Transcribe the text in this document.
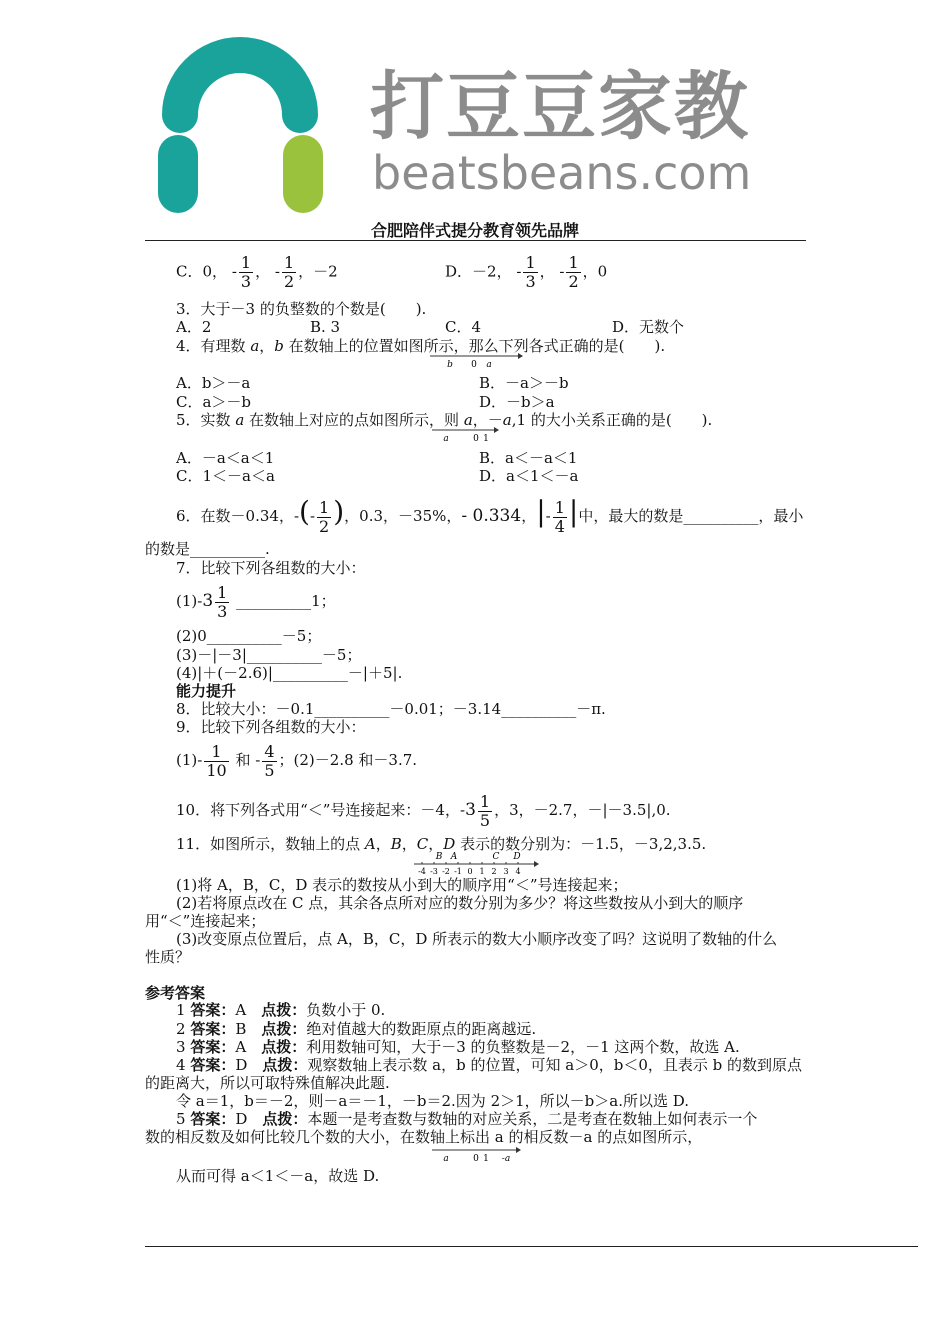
打豆豆家教
beatsbeans.com
合肥陪伴式提分教育领先品牌
C．0， - $\frac{1}{3}$ ， - $\frac{1}{2}$ ，－2	D．－2， - $\frac{1}{3}$ ， - $\frac{1}{2}$ ，0
3．大于－3 的负整数的个数是(　　).
A．2	B. 3	C．4	D．无数个
4．有理数 a，b 在数轴上的位置如图所示，那么下列各式正确的是(　　).
b 0 a
A．b＞－a	B．－a＞－b
C．a＞－b	D．－b＞a
5．实数 a 在数轴上对应的点如图所示，则 a，－a,1 的大小关系正确的是(　　).
a	0 1
A．－a＜a＜1	B．a＜－a＜1
C．1＜－a＜a	D．a＜1＜－a
6．在数－0.34，-(- $\frac{1}{2}$ )，0.3，－35%，- 0.334，|- $\frac{1}{4}$ |中，最大的数是__________，最小
的数是__________.
7．比较下列各组数的大小：
$(1)-3 \frac{1}{3}$ __________1；
(2)0__________－5；
(3)－|－3|__________－5；
(4)|＋(－2.6)|__________－|＋5|.
能力提升
8．比较大小：－0.1__________－0.01；－3.14__________－π.
9．比较下列各组数的大小：
$(1)- \frac{1}{10}$ 和 - $\frac{4}{5}$ ；(2)－2.8 和－3.7.
10．将下列各式用“＜”号连接起来：－4，$-3 \frac{1}{5}$ ，3，－2.7，－|－3.5|,0.
11．如图所示，数轴上的点 A，B，C，D 表示的数分别为：－1.5，－3,2,3.5.
B A	C D
-4 -3 -2 -1 0 1 2 3 4
(1)将 A，B，C，D 表示的数按从小到大的顺序用“＜”号连接起来；
(2)若将原点改在 C 点，其余各点所对应的数分别为多少？将这些数按从小到大的顺序
用“＜”连接起来；
(3)改变原点位置后，点 A，B，C，D 所表示的数大小顺序改变了吗？这说明了数轴的什么
性质？
参考答案
1 答案：A　 点拨：负数小于 0.
2 答案：B　 点拨：绝对值越大的数距原点的距离越远.
3 答案：A　 点拨：利用数轴可知，大于－3 的负整数是－2，－1 这两个数，故选 A.
4 答案：D　 点拨：观察数轴上表示数 a，b 的位置，可知 a＞0，b＜0，且表示 b 的数到原点
的距离大，所以可取特殊值解决此题.
令 a＝1，b＝－2，则－a＝－1，－b＝2.因为 2＞1，所以－b＞a.所以选 D.
5 答案：D　 点拨：本题一是考查数与数轴的对应关系，二是考查在数轴上如何表示一个
数的相反数及如何比较几个数的大小，在数轴上标出 a 的相反数－a 的点如图所示，
a	0 1 -a
从而可得 a＜1＜－a，故选 D.
